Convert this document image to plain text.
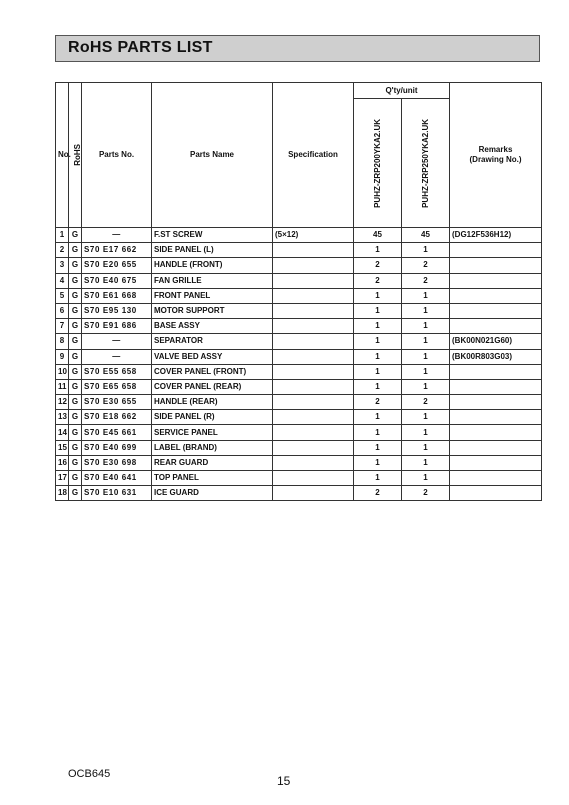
RoHS PARTS LIST
No.	RoHS	Parts No.	Parts Name	Specification	Q'ty/unit		Remarks
(Drawing No.)

					PUHZ-ZRP200YKA2.UK	PUHZ-ZRP250YKA2.UK	

1	G	—	F.ST SCREW	(5×12)	45	45	(DG12F536H12)
2	G	S70 E17 662	SIDE PANEL (L)		1	1	
3	G	S70 E20 655	HANDLE (FRONT)		2	2	
4	G	S70 E40 675	FAN GRILLE		2	2	
5	G	S70 E61 668	FRONT PANEL		1	1	
6	G	S70 E95 130	MOTOR SUPPORT		1	1	
7	G	S70 E91 686	BASE ASSY		1	1	
8	G	—	SEPARATOR		1	1	(BK00N021G60)
9	G	—	VALVE BED ASSY		1	1	(BK00R803G03)
10	G	S70 E55 658	COVER PANEL (FRONT)		1	1	
11	G	S70 E65 658	COVER PANEL (REAR)		1	1	
12	G	S70 E30 655	HANDLE (REAR)		2	2	
13	G	S70 E18 662	SIDE PANEL (R)		1	1	
14	G	S70 E45 661	SERVICE PANEL		1	1	
15	G	S70 E40 699	LABEL (BRAND)		1	1	
16	G	S70 E30 698	REAR GUARD		1	1	
17	G	S70 E40 641	TOP PANEL		1	1	
18	G	S70 E10 631	ICE GUARD		2	2	
OCB645	15
